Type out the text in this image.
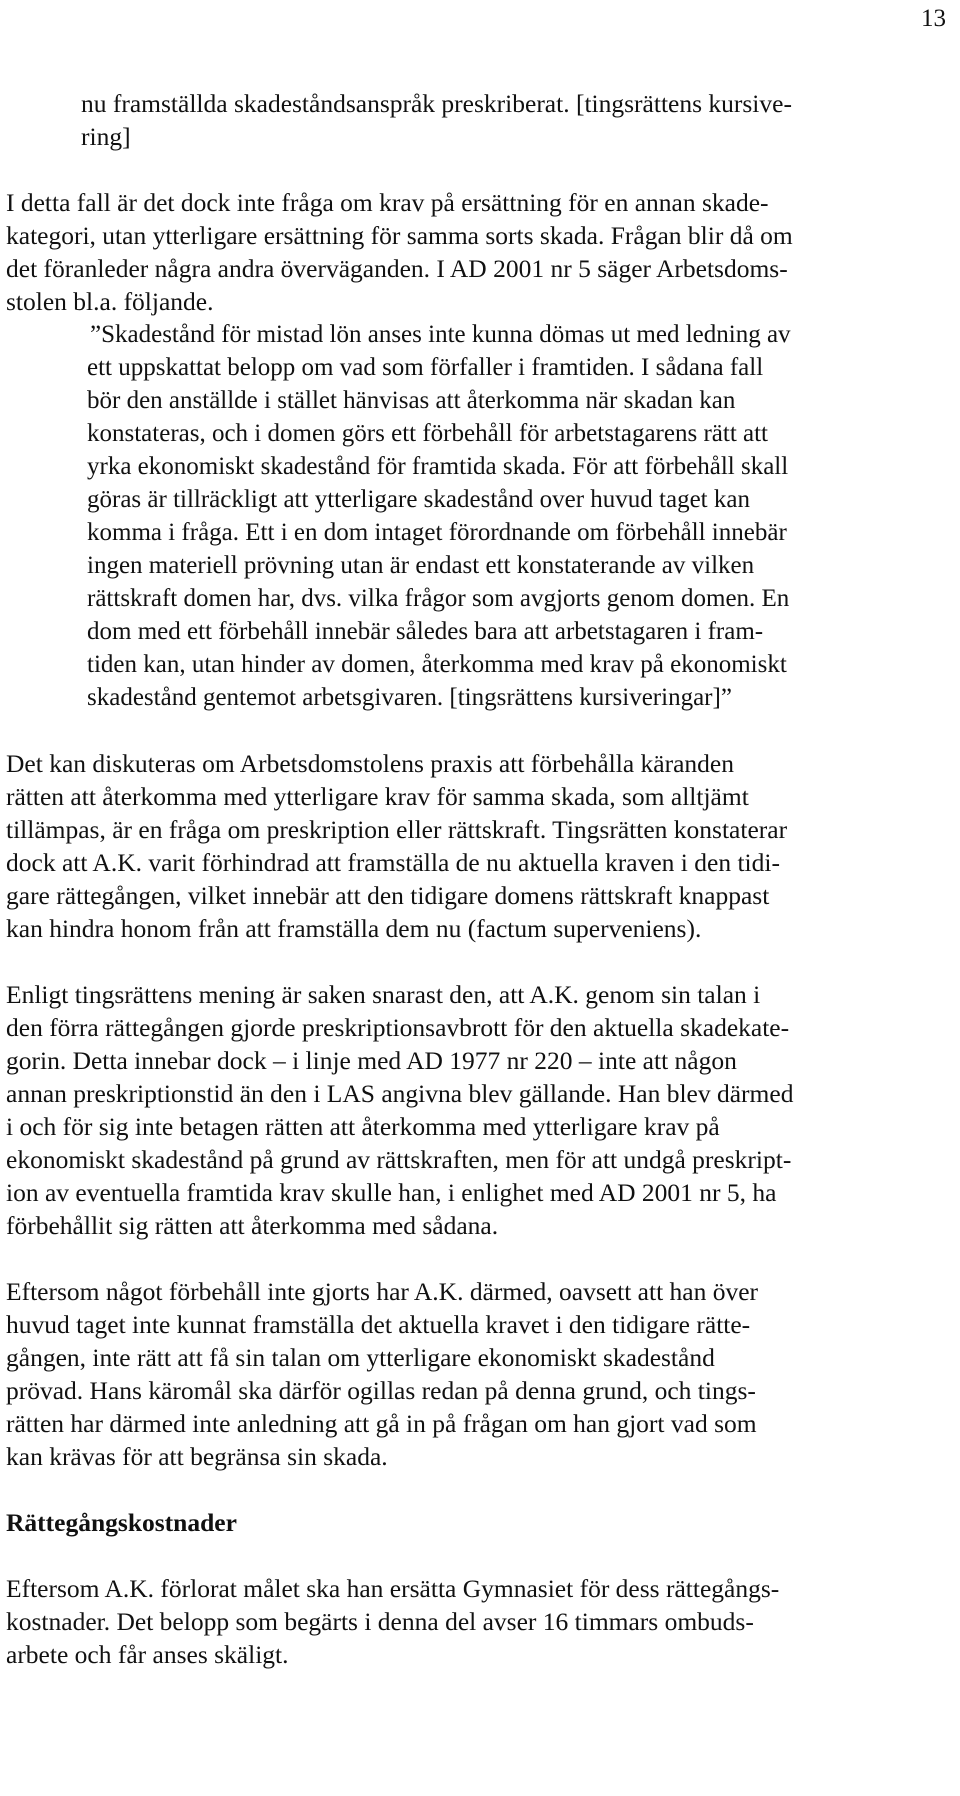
13
nu framställda skadeståndsanspråk preskriberat. [tingsrättens kursive-
ring]
I detta fall är det dock inte fråga om krav på ersättning för en annan skade-
kategori, utan ytterligare ersättning för samma sorts skada. Frågan blir då om
det föranleder några andra överväganden. I AD 2001 nr 5 säger Arbetsdoms-
stolen bl.a. följande.
”Skadestånd för mistad lön anses inte kunna dömas ut med ledning av
ett uppskattat belopp om vad som förfaller i framtiden. I sådana fall
bör den anställde i stället hänvisas att återkomma när skadan kan
konstateras, och i domen görs ett förbehåll för arbetstagarens rätt att
yrka ekonomiskt skadestånd för framtida skada. För att förbehåll skall
göras är tillräckligt att ytterligare skadestånd over huvud taget kan
komma i fråga. Ett i en dom intaget förordnande om förbehåll innebär
ingen materiell prövning utan är endast ett konstaterande av vilken
rättskraft domen har, dvs. vilka frågor som avgjorts genom domen. En
dom med ett förbehåll innebär således bara att arbetstagaren i fram-
tiden kan, utan hinder av domen, återkomma med krav på ekonomiskt
skadestånd gentemot arbetsgivaren. [tingsrättens kursiveringar]”
Det kan diskuteras om Arbetsdomstolens praxis att förbehålla käranden
rätten att återkomma med ytterligare krav för samma skada, som alltjämt
tillämpas, är en fråga om preskription eller rättskraft. Tingsrätten konstaterar
dock att A.K. varit förhindrad att framställa de nu aktuella kraven i den tidi-
gare rättegången, vilket innebär att den tidigare domens rättskraft knappast
kan hindra honom från att framställa dem nu (factum superveniens).
Enligt tingsrättens mening är saken snarast den, att A.K. genom sin talan i
den förra rättegången gjorde preskriptionsavbrott för den aktuella skadekate-
gorin. Detta innebar dock – i linje med AD 1977 nr 220 – inte att någon
annan preskriptionstid än den i LAS angivna blev gällande. Han blev därmed
i och för sig inte betagen rätten att återkomma med ytterligare krav på
ekonomiskt skadestånd på grund av rättskraften, men för att undgå preskript-
ion av eventuella framtida krav skulle han, i enlighet med AD 2001 nr 5, ha
förbehållit sig rätten att återkomma med sådana.
Eftersom något förbehåll inte gjorts har A.K. därmed, oavsett att han över
huvud taget inte kunnat framställa det aktuella kravet i den tidigare rätte-
gången, inte rätt att få sin talan om ytterligare ekonomiskt skadestånd
prövad. Hans käromål ska därför ogillas redan på denna grund, och tings-
rätten har därmed inte anledning att gå in på frågan om han gjort vad som
kan krävas för att begränsa sin skada.
Rättegångskostnader
Eftersom A.K. förlorat målet ska han ersätta Gymnasiet för dess rättegångs-
kostnader. Det belopp som begärts i denna del avser 16 timmars ombuds-
arbete och får anses skäligt.
